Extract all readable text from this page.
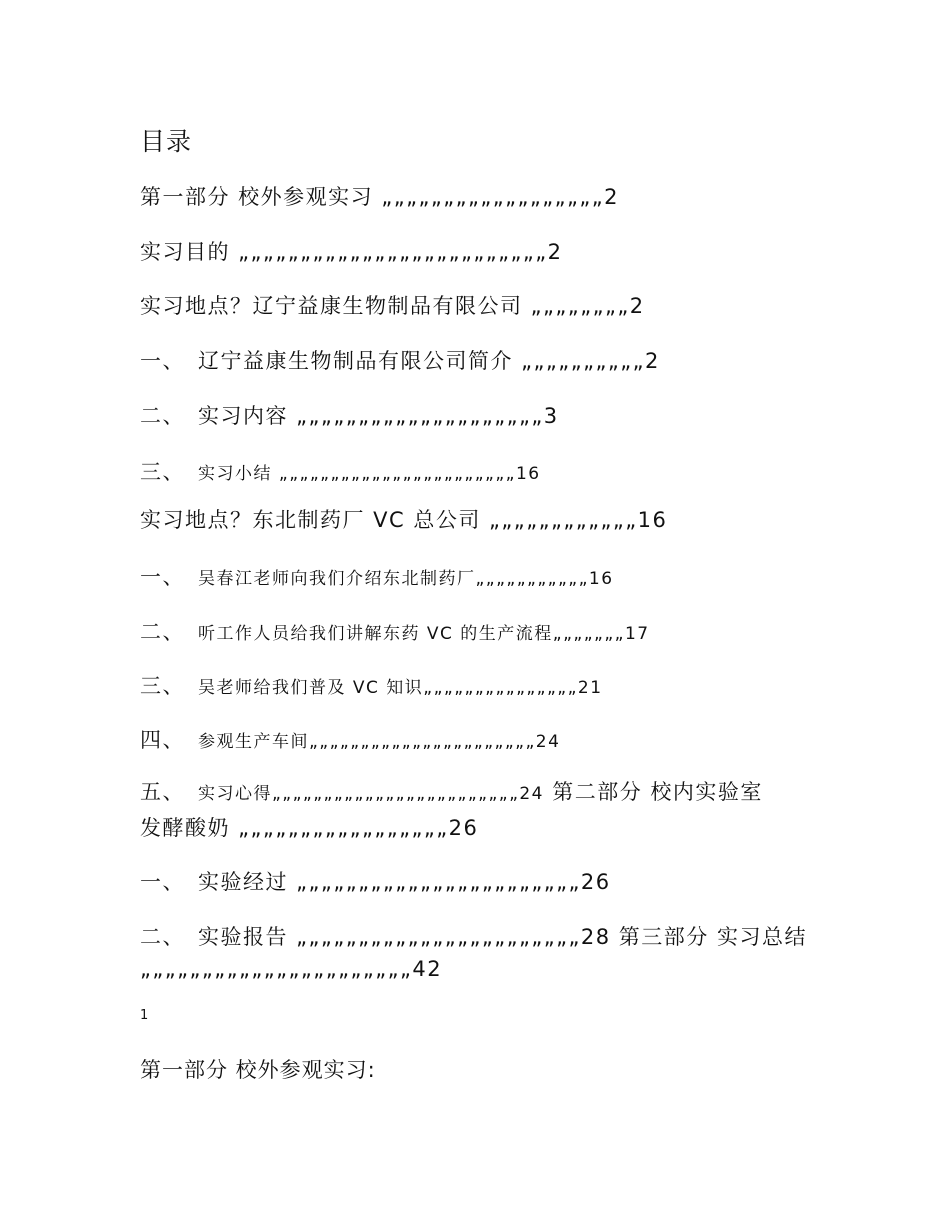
目录
第一部分 校外参观实习 „„„„„„„„„„„„„„„„„„2
实习目的 „„„„„„„„„„„„„„„„„„„„„„„„„2
实习地点？辽宁益康生物制品有限公司 „„„„„„„„2
一、 辽宁益康生物制品有限公司简介 „„„„„„„„„„2
二、 实习内容 „„„„„„„„„„„„„„„„„„„„3
三、 实习小结 „„„„„„„„„„„„„„„„„„„„„„„16
实习地点？东北制药厂 VC 总公司 „„„„„„„„„„„„16
一、 吴春江老师向我们介绍东北制药厂„„„„„„„„„„„16
二、 听工作人员给我们讲解东药 VC 的生产流程„„„„„„„17
三、 吴老师给我们普及 VC 知识„„„„„„„„„„„„„„„21
四、 参观生产车间„„„„„„„„„„„„„„„„„„„„„„24
五、 实习心得„„„„„„„„„„„„„„„„„„„„„„„„24 第二部分 校内实验室
发酵酸奶 „„„„„„„„„„„„„„„„„26
一、 实验经过 „„„„„„„„„„„„„„„„„„„„„„„26
二、 实验报告 „„„„„„„„„„„„„„„„„„„„„„„28 第三部分 实习总结
„„„„„„„„„„„„„„„„„„„„„„42
1
第一部分 校外参观实习:
